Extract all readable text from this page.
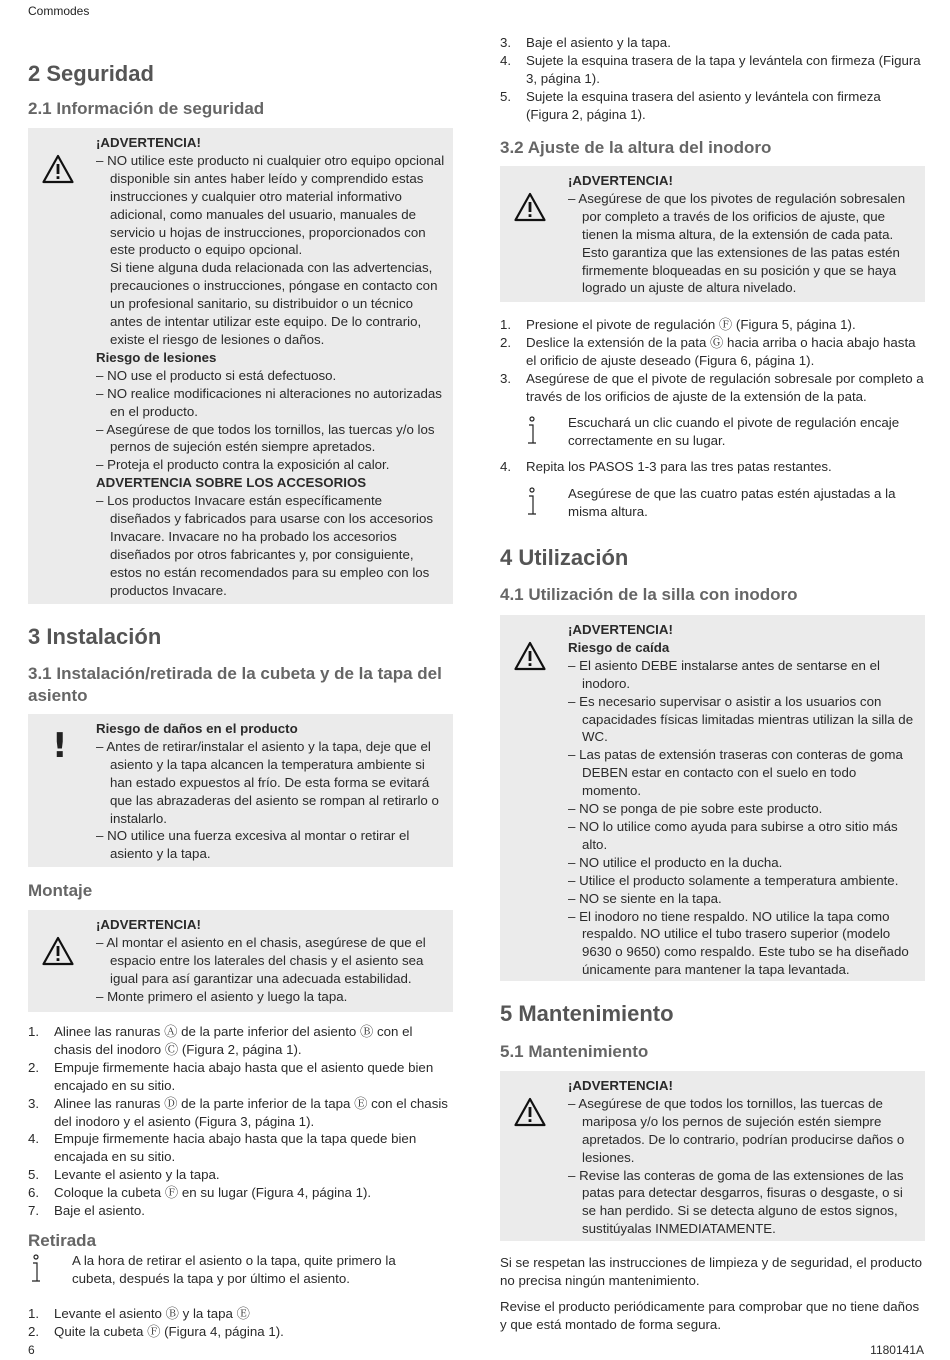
Commodes
2 Seguridad
2.1 Información de seguridad
¡ADVERTENCIA!
– NO utilice este producto ni cualquier otro equipo opcional disponible sin antes haber leído y comprendido estas instrucciones y cualquier otro material informativo adicional, como manuales del usuario, manuales de servicio u hojas de instrucciones, proporcionados con este producto o equipo opcional.
Si tiene alguna duda relacionada con las advertencias, precauciones o instrucciones, póngase en contacto con un profesional sanitario, su distribuidor o un técnico antes de intentar utilizar este equipo. De lo contrario, existe el riesgo de lesiones o daños.
Riesgo de lesiones
– NO use el producto si está defectuoso.
– NO realice modificaciones ni alteraciones no autorizadas en el producto.
– Asegúrese de que todos los tornillos, las tuercas y/o los pernos de sujeción estén siempre apretados.
– Proteja el producto contra la exposición al calor.
ADVERTENCIA SOBRE LOS ACCESORIOS
– Los productos Invacare están específicamente diseñados y fabricados para usarse con los accesorios Invacare. Invacare no ha probado los accesorios diseñados por otros fabricantes y, por consiguiente, estos no están recomendados para su empleo con los productos Invacare.
3 Instalación
3.1 Instalación/retirada de la cubeta y de la tapa del asiento
! Riesgo de daños en el producto
– Antes de retirar/instalar el asiento y la tapa, deje que el asiento y la tapa alcancen la temperatura ambiente si han estado expuestos al frío. De esta forma se evitará que las abrazaderas del asiento se rompan al retirarlo o instalarlo.
– NO utilice una fuerza excesiva al montar o retirar el asiento y la tapa.
Montaje
¡ADVERTENCIA!
– Al montar el asiento en el chasis, asegúrese de que el espacio entre los laterales del chasis y el asiento sea igual para así garantizar una adecuada estabilidad.
– Monte primero el asiento y luego la tapa.
1. Alinee las ranuras Ⓐ de la parte inferior del asiento Ⓑ con el chasis del inodoro Ⓒ (Figura 2, página 1).
2. Empuje firmemente hacia abajo hasta que el asiento quede bien encajado en su sitio.
3. Alinee las ranuras Ⓓ de la parte inferior de la tapa Ⓔ con el chasis del inodoro y el asiento (Figura 3, página 1).
4. Empuje firmemente hacia abajo hasta que la tapa quede bien encajada en su sitio.
5. Levante el asiento y la tapa.
6. Coloque la cubeta Ⓕ en su lugar (Figura 4, página 1).
7. Baje el asiento.
Retirada
A la hora de retirar el asiento o la tapa, quite primero la cubeta, después la tapa y por último el asiento.
1. Levante el asiento Ⓑ y la tapa Ⓔ
2. Quite la cubeta Ⓕ (Figura 4, página 1).
3. Baje el asiento y la tapa.
4. Sujete la esquina trasera de la tapa y levántela con firmeza (Figura 3, página 1).
5. Sujete la esquina trasera del asiento y levántela con firmeza (Figura 2, página 1).
3.2 Ajuste de la altura del inodoro
¡ADVERTENCIA!
– Asegúrese de que los pivotes de regulación sobresalen por completo a través de los orificios de ajuste, que tienen la misma altura, de la extensión de cada pata.
Esto garantiza que las extensiones de las patas estén firmemente bloqueadas en su posición y que se haya logrado un ajuste de altura nivelado.
1. Presione el pivote de regulación Ⓕ (Figura 5, página 1).
2. Deslice la extensión de la pata Ⓖ hacia arriba o hacia abajo hasta el orificio de ajuste deseado (Figura 6, página 1).
3. Asegúrese de que el pivote de regulación sobresale por completo a través de los orificios de ajuste de la extensión de la pata.
Escuchará un clic cuando el pivote de regulación encaje correctamente en su lugar.
4. Repita los PASOS 1-3 para las tres patas restantes.
Asegúrese de que las cuatro patas estén ajustadas a la misma altura.
4 Utilización
4.1 Utilización de la silla con inodoro
¡ADVERTENCIA!
Riesgo de caída
– El asiento DEBE instalarse antes de sentarse en el inodoro.
– Es necesario supervisar o asistir a los usuarios con capacidades físicas limitadas mientras utilizan la silla de WC.
– Las patas de extensión traseras con conteras de goma DEBEN estar en contacto con el suelo en todo momento.
– NO se ponga de pie sobre este producto.
– NO lo utilice como ayuda para subirse a otro sitio más alto.
– NO utilice el producto en la ducha.
– Utilice el producto solamente a temperatura ambiente.
– NO se siente en la tapa.
– El inodoro no tiene respaldo. NO utilice la tapa como respaldo. NO utilice el tubo trasero superior (modelo 9630 o 9650) como respaldo. Este tubo se ha diseñado únicamente para mantener la tapa levantada.
5 Mantenimiento
5.1 Mantenimiento
¡ADVERTENCIA!
– Asegúrese de que todos los tornillos, las tuercas de mariposa y/o los pernos de sujeción estén siempre apretados. De lo contrario, podrían producirse daños o lesiones.
– Revise las conteras de goma de las extensiones de las patas para detectar desgarros, fisuras o desgaste, o si se han perdido. Si se detecta alguno de estos signos, sustitúyalas INMEDIATAMENTE.
Si se respetan las instrucciones de limpieza y de seguridad, el producto no precisa ningún mantenimiento.
Revise el producto periódicamente para comprobar que no tiene daños y que está montado de forma segura.
6	1180141A
